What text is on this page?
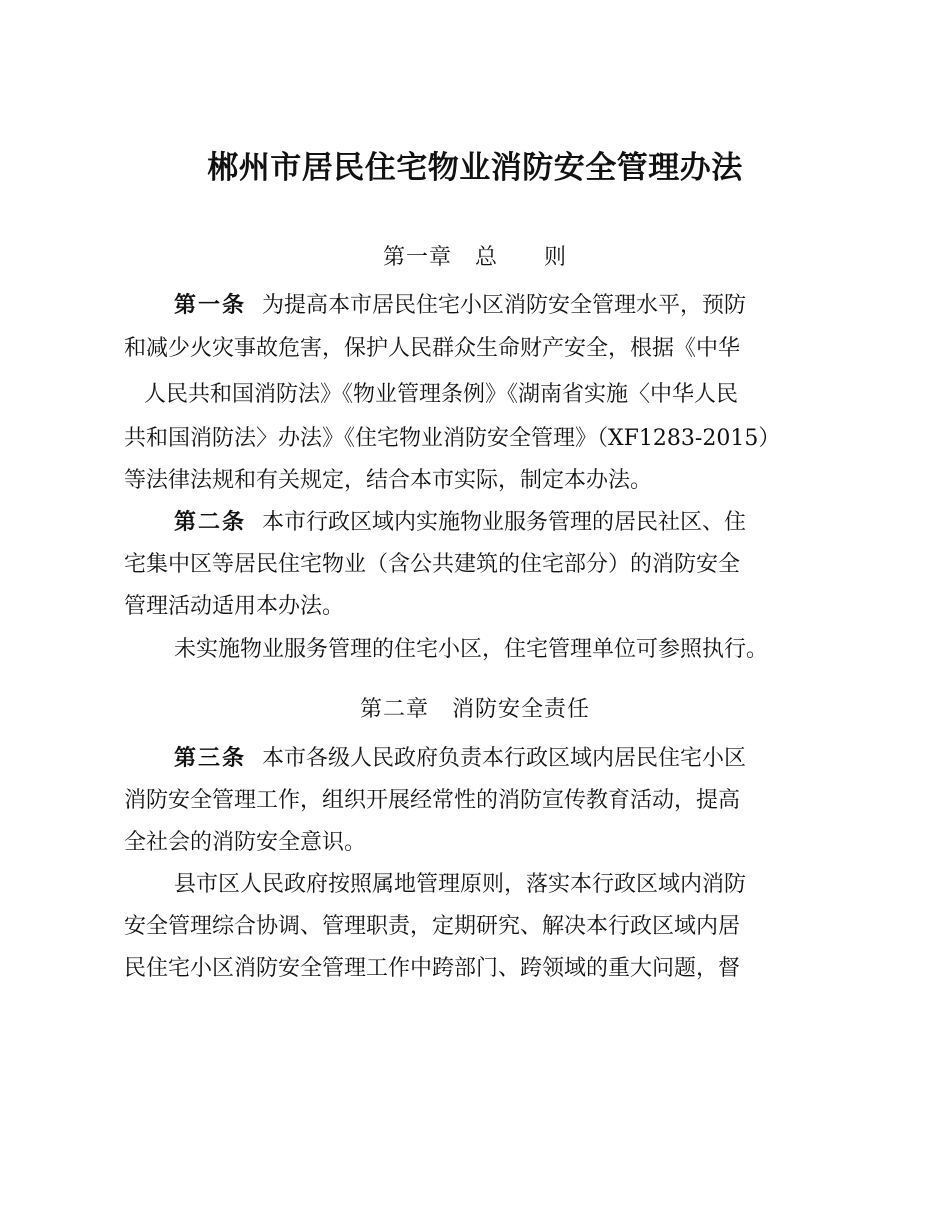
郴州市居民住宅物业消防安全管理办法
第一章　总　　则
第一条 为提高本市居民住宅小区消防安全管理水平，预防
和减少火灾事故危害，保护人民群众生命财产安全，根据《中华
人民共和国消防法》《物业管理条例》《湖南省实施〈中华人民
共和国消防法〉办法》《住宅物业消防安全管理》（XF1283-2015）
等法律法规和有关规定，结合本市实际，制定本办法。
第二条 本市行政区域内实施物业服务管理的居民社区、住
宅集中区等居民住宅物业（含公共建筑的住宅部分）的消防安全
管理活动适用本办法。
未实施物业服务管理的住宅小区，住宅管理单位可参照执行。
第二章　消防安全责任
第三条 本市各级人民政府负责本行政区域内居民住宅小区
消防安全管理工作，组织开展经常性的消防宣传教育活动，提高
全社会的消防安全意识。
县市区人民政府按照属地管理原则，落实本行政区域内消防
安全管理综合协调、管理职责，定期研究、解决本行政区域内居
民住宅小区消防安全管理工作中跨部门、跨领域的重大问题，督
